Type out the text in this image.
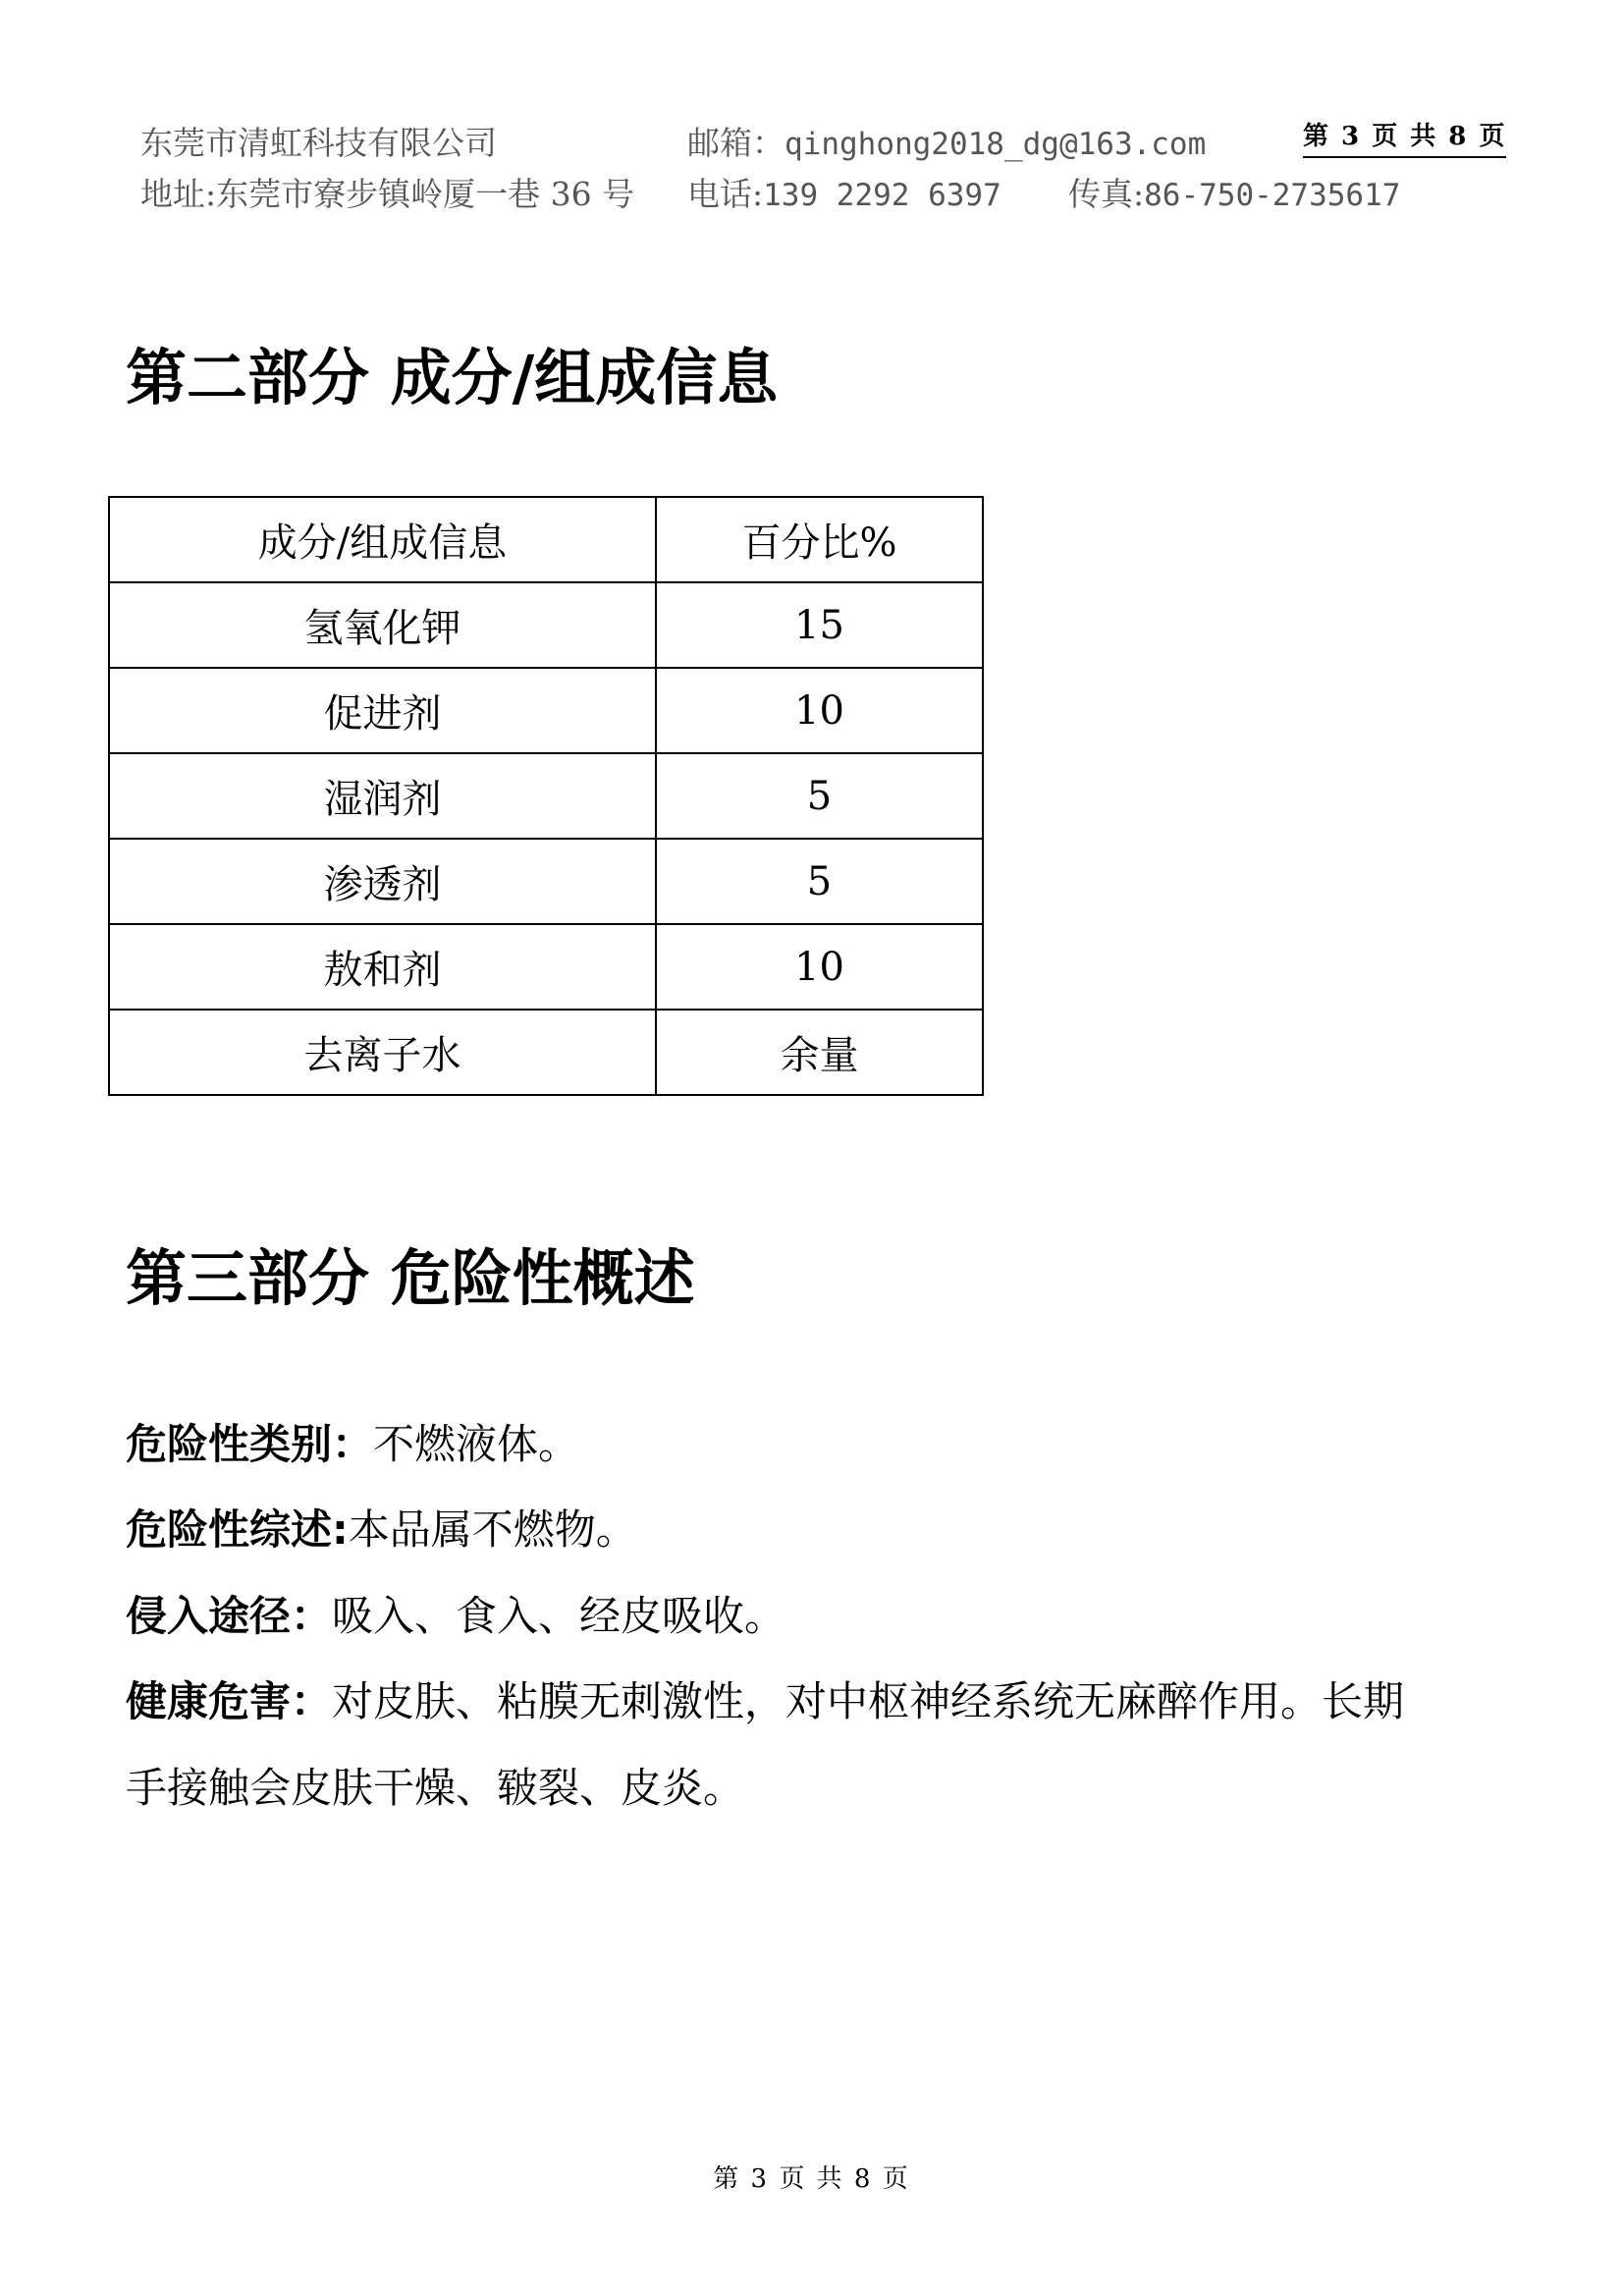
东莞市清虹科技有限公司	邮箱：qinghong2018_dg@163.com	第 3 页 共 8 页
地址:东莞市寮步镇岭厦一巷 36 号 电话:139 2292 6397 传真:86-750-2735617
第二部分 成分/组成信息
成分/组成信息	百分比%
氢氧化钾	15
促进剂	10
湿润剂	5
渗透剂	5
敖和剂	10
去离子水	余量
第三部分 危险性概述
危险性类别：不燃液体。
危险性综述:本品属不燃物。
侵入途径：吸入、食入、经皮吸收。
健康危害：对皮肤、粘膜无刺激性，对中枢神经系统无麻醉作用。长期
手接触会皮肤干燥、皲裂、皮炎。
第 3 页 共 8 页
